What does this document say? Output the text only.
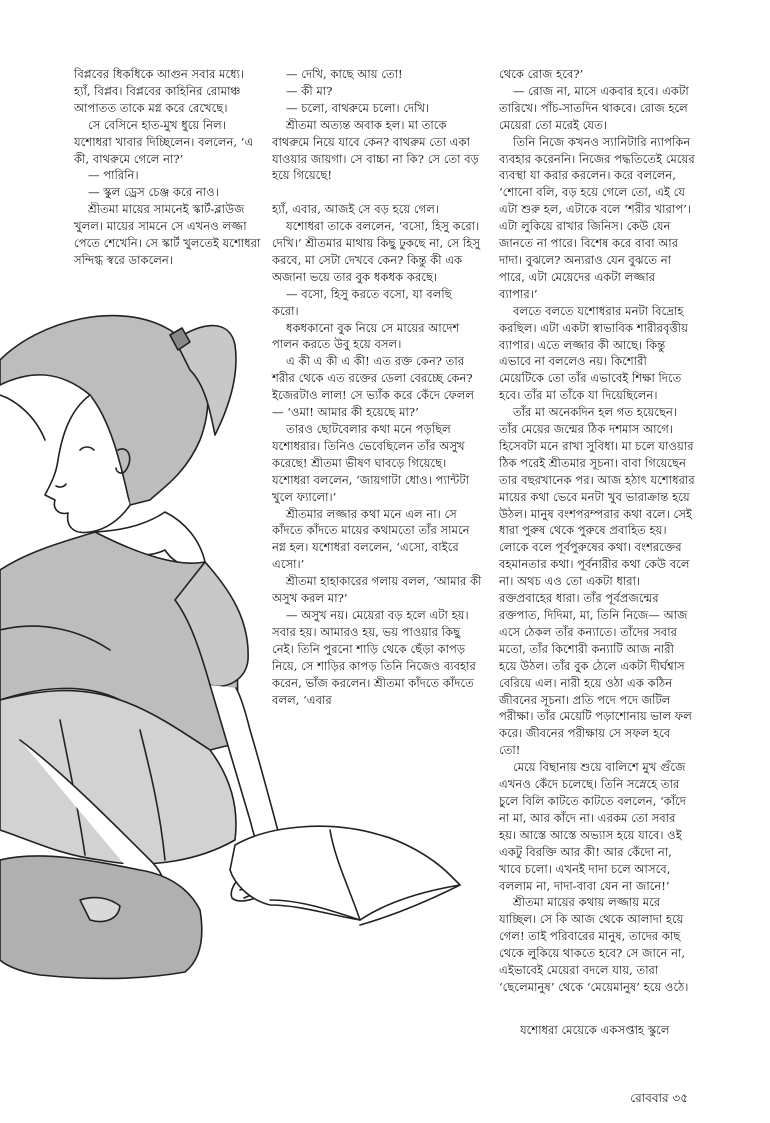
বিপ্লবের ধিকধিকে আগুন সবার মধ্যে। হ্যাঁ, বিপ্লব। বিপ্লবের কাহিনির রোমাঞ্চ আপাতত তাকে মগ্ন করে রেখেছে।

সে বেসিনে হাত-মুখ ধুয়ে নিল। যশোধরা খাবার দিচ্ছিলেন। বললেন, ‘এ কী, বাথরুমে গেলে না?’

— পারিনি।

— স্কুল ড্রেস চেঞ্জ করে নাও।

শ্রীতমা মায়ের সামনেই স্কার্ট-ব্লাউজ খুলল। মায়ের সামনে সে এখনও লজ্জা পেতে শেখেনি। সে স্কার্ট খুলতেই যশোধরা সন্দিগ্ধ স্বরে ডাকলেন।

— দেখি, কাছে আয় তো!

— কী মা?

— চলো, বাথরুমে চলো। দেখি।

শ্রীতমা অত্যন্ত অবাক হল। মা তাকে বাথরুমে নিয়ে যাবে কেন? বাথরুম তো একা যাওয়ার জায়গা। সে বাচ্চা না কি? সে তো বড় হয়ে গিয়েছে!

হ্যাঁ, এবার, আজই সে বড় হয়ে গেল।

যশোধরা তাকে বললেন, ‘বসো, হিসু করো। দেখি।’ শ্রীতমার মাথায় কিছু ঢুকছে না, সে হিসু করবে, মা সেটা দেখবে কেন? কিন্তু কী এক অজানা ভয়ে তার বুক ধকধক করছে।

— বসো, হিসু করতে বসো, যা বলছি করো।

ধকধকানো বুক নিয়ে সে মায়ের আদেশ পালন করতে উবু হয়ে বসল।

এ কী এ কী এ কী! এত রক্ত কেন? তার শরীর থেকে এত রক্তের ডেলা বেরচ্ছে কেন? ইজেরটাও লাল! সে ভ্যাঁক করে কেঁদে ফেলল— ‘ওমা! আমার কী হয়েছে মা?’

তারও ছোটবেলার কথা মনে পড়ছিল যশোধরার। তিনিও ভেবেছিলেন তাঁর অসুখ করেছে! শ্রীতমা ভীষণ ঘাবড়ে গিয়েছে। যশোধরা বললেন, ‘জায়গাটা ধোও। প্যান্টটা খুলে ফ্যালো।’

শ্রীতমার লজ্জার কথা মনে এল না। সে কাঁদতে কাঁদতে মায়ের কথামতো তাঁর সামনে নগ্ন হল। যশোধরা বললেন, ‘এসো, বাইরে এসো।’

শ্রীতমা হাহাকারের গলায় বলল, ‘আমার কী অসুখ করল মা?’

— অসুখ নয়। মেয়েরা বড় হলে এটা হয়। সবার হয়। আমারও হয়, ভয় পাওয়ার কিছু নেই। তিনি পুরনো শাড়ি থেকে ছেঁড়া কাপড় নিয়ে, সে শাড়ির কাপড় তিনি নিজেও ব্যবহার করেন, ভাঁজ করলেন। শ্রীতমা কাঁদতে কাঁদতে বলল, ‘এবার

থেকে রোজ হবে?’

— রোজ না, মাসে একবার হবে। একটা তারিখে। পাঁচ-সাতদিন থাকবে। রোজ হলে মেয়েরা তো মরেই যেত।

তিনি নিজে কখনও স্যানিটারি ন্যাপকিন ব্যবহার করেননি। নিজের পদ্ধতিতেই মেয়ের ব্যবস্থা যা করার করলেন। করে বললেন, ‘শোনো বলি, বড় হয়ে গেলে তো, এই যে এটা শুরু হল, এটাকে বলে ‘শরীর খারাপ’। এটা লুকিয়ে রাখার জিনিস। কেউ যেন জানতে না পারে। বিশেষ করে বাবা আর দাদা। বুঝলে? অন্যরাও যেন বুঝতে না পারে, এটা মেয়েদের একটা লজ্জার ব্যাপার।’

বলতে বলতে যশোধরার মনটা বিদ্রোহ করছিল। এটা একটা স্বাভাবিক শারীরবৃত্তীয় ব্যাপার। এতে লজ্জার কী আছে। কিন্তু এভাবে না বললেও নয়। কিশোরী মেয়েটিকে তো তাঁর এভাবেই শিক্ষা দিতে হবে। তাঁর মা তাঁকে যা দিয়েছিলেন।

তাঁর মা অনেকদিন হল গত হয়েছেন। তাঁর মেয়ের জন্মের ঠিক দশমাস আগে। হিসেবটা মনে রাখা সুবিধা। মা চলে যাওয়ার ঠিক পরেই শ্রীতমার সূচনা। বাবা গিয়েছেন তার বছরখানেক পর। আজ হঠাৎ যশোধরার মায়ের কথা ভেবে মনটা খুব ভারাক্রান্ত হয়ে উঠল। মানুষ বংশপরম্পরার কথা বলে। সেই ধারা পুরুষ থেকে পুরুষে প্রবাহিত হয়। লোকে বলে পূর্বপুরুষের কথা। বংশরক্তের বহমানতার কথা। পূর্বনারীর কথা কেউ বলে না। অথচ এও তো একটা ধারা। রক্তপ্রবাহের ধারা। তাঁর পূর্বপ্রজন্মের রক্তপাত, দিদিমা, মা, তিনি নিজে— আজ এসে ঠেকল তাঁর কন্যাতে। তাঁদের সবার মতো, তাঁর কিশোরী কন্যাটি আজ নারী হয়ে উঠল। তাঁর বুক ঠেলে একটা দীর্ঘশ্বাস বেরিয়ে এল। নারী হয়ে ওঠা এক কঠিন জীবনের সূচনা। প্রতি পদে পদে জটিল পরীক্ষা। তাঁর মেয়েটি পড়াশোনায় ভাল ফল করে। জীবনের পরীক্ষায় সে সফল হবে তো!

মেয়ে বিছানায় শুয়ে বালিশে মুখ গুঁজে এখনও কেঁদে চলেছে। তিনি সস্নেহে তার চুলে বিলি কাটতে কাটতে বললেন, ‘কাঁদে না মা, আর কাঁদে না। এরকম তো সবার হয়। আস্তে আস্তে অভ্যাস হয়ে যাবে। ওই একটু বিরক্তি আর কী! আর কেঁদো না, খাবে চলো। এখনই দাদা চলে আসবে, বললাম না, দাদা-বাবা যেন না জানে!’

শ্রীতমা মায়ের কথায় লজ্জায় মরে যাচ্ছিল। সে কি আজ থেকে আলাদা হয়ে গেল! তাই পরিবারের মানুষ, তাদের কাছ থেকে লুকিয়ে থাকতে হবে? সে জানে না, এইভাবেই মেয়েরা বদলে যায়, তারা ‘ছেলেমানুষ’ থেকে ‘মেয়েমানুষ’ হয়ে ওঠে।

যশোধরা মেয়েকে একসপ্তাহ স্কুলে
রোববার ৩৫
